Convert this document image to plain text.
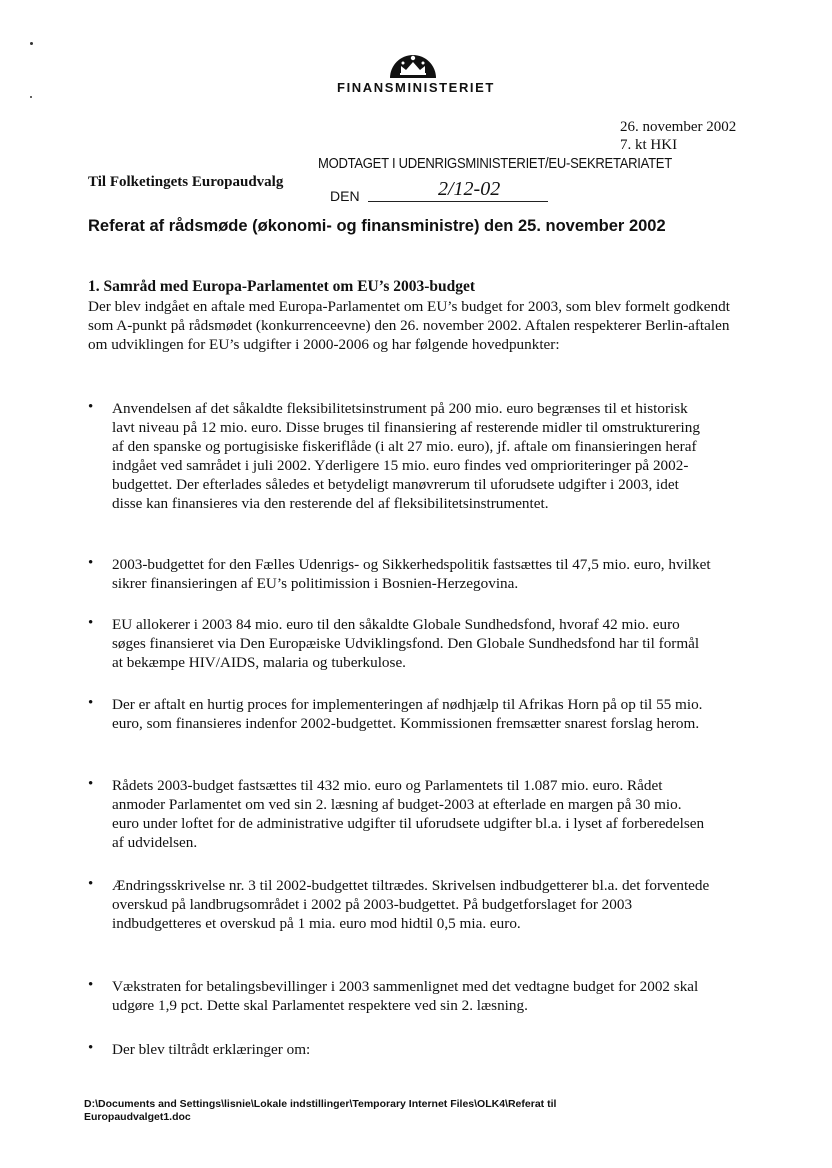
FINANSMINISTERIET
26. november 2002
7. kt HKI
MODTAGET I UDENRIGSMINISTERIET/EU-SEKRETARIATET
DEN	2/12-02
Til Folketingets Europaudvalg
Referat af rådsmøde (økonomi- og finansministre) den 25. november 2002
1. Samråd med Europa-Parlamentet om EU’s 2003-budget
Der blev indgået en aftale med Europa-Parlamentet om EU’s budget for 2003, som blev formelt godkendt som A-punkt på rådsmødet (konkurrenceevne) den 26. november 2002. Aftalen respekterer Berlin-aftalen om udviklingen for EU’s udgifter i 2000-2006 og har følgende hovedpunkter:
• Anvendelsen af det såkaldte fleksibilitetsinstrument på 200 mio. euro begrænses til et historisk lavt niveau på 12 mio. euro. Disse bruges til finansiering af resterende midler til omstrukturering af den spanske og portugisiske fiskeriflåde (i alt 27 mio. euro), jf. aftale om finansieringen heraf indgået ved samrådet i juli 2002. Yderligere 15 mio. euro findes ved omprioriteringer på 2002-budgettet. Der efterlades således et betydeligt manøvrerum til uforudsete udgifter i 2003, idet disse kan finansieres via den resterende del af fleksibilitetsinstrumentet.
• 2003-budgettet for den Fælles Udenrigs- og Sikkerhedspolitik fastsættes til 47,5 mio. euro, hvilket sikrer finansieringen af EU’s politimission i Bosnien-Herzegovina.
• EU allokerer i 2003 84 mio. euro til den såkaldte Globale Sundhedsfond, hvoraf 42 mio. euro søges finansieret via Den Europæiske Udviklingsfond. Den Globale Sundhedsfond har til formål at bekæmpe HIV/AIDS, malaria og tuberkulose.
• Der er aftalt en hurtig proces for implementeringen af nødhjælp til Afrikas Horn på op til 55 mio. euro, som finansieres indenfor 2002-budgettet. Kommissionen fremsætter snarest forslag herom.
• Rådets 2003-budget fastsættes til 432 mio. euro og Parlamentets til 1.087 mio. euro. Rådet anmoder Parlamentet om ved sin 2. læsning af budget-2003 at efterlade en margen på 30 mio. euro under loftet for de administrative udgifter til uforudsete udgifter bl.a. i lyset af forberedelsen af udvidelsen.
• Ændringsskrivelse nr. 3 til 2002-budgettet tiltrædes. Skrivelsen indbudgetterer bl.a. det forventede overskud på landbrugsområdet i 2002 på 2003-budgettet. På budgetforslaget for 2003 indbudgetteres et overskud på 1 mia. euro mod hidtil 0,5 mia. euro.
• Vækstraten for betalingsbevillinger i 2003 sammenlignet med det vedtagne budget for 2002 skal udgøre 1,9 pct. Dette skal Parlamentet respektere ved sin 2. læsning.
• Der blev tiltrådt erklæringer om:
D:\Documents and Settings\lisnie\Lokale indstillinger\Temporary Internet Files\OLK4\Referat til Europaudvalget1.doc
